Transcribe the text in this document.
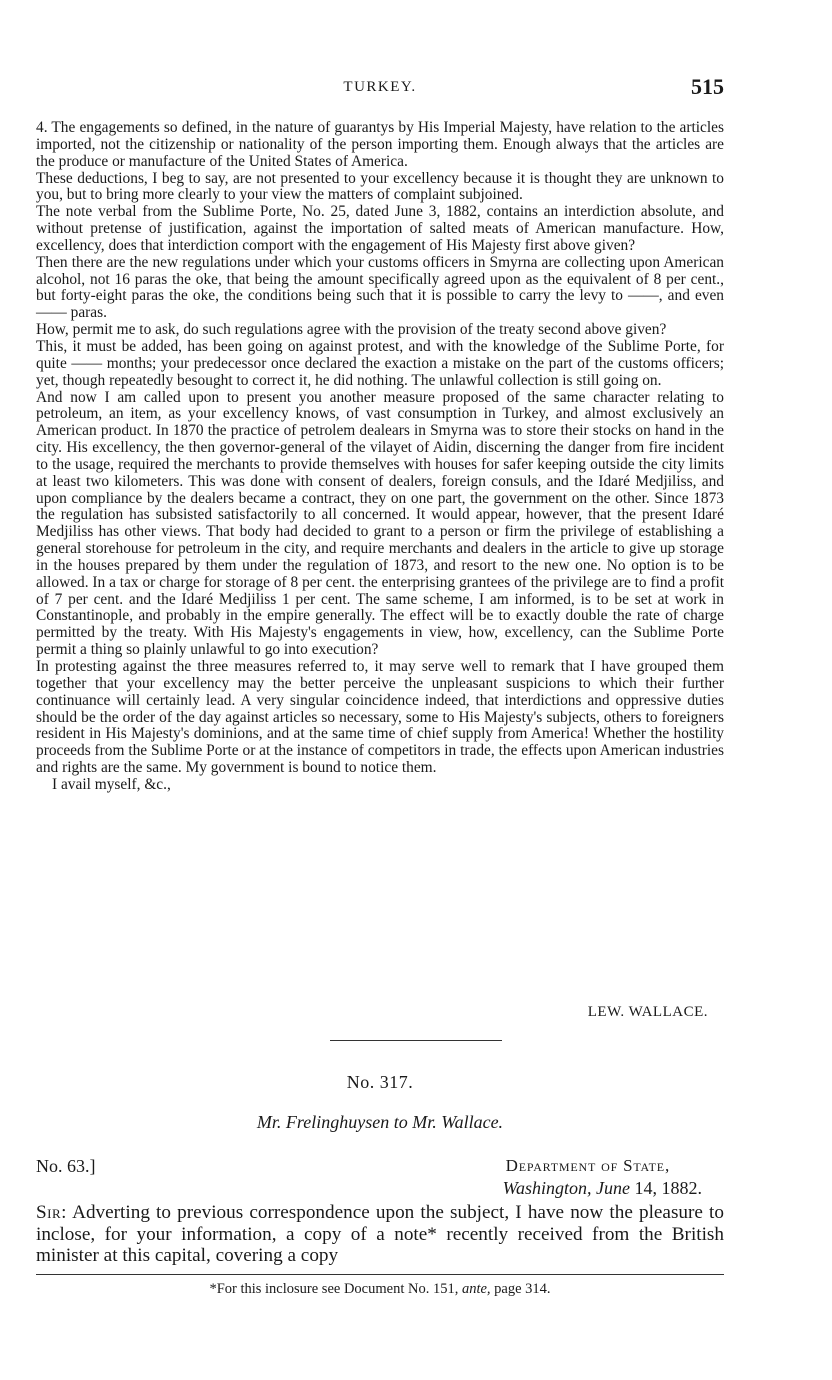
TURKEY.	515

4. The engagements so defined, in the nature of guarantys by His Imperial Majesty, have relation to the articles imported, not the citizenship or nationality of the person importing them. Enough always that the articles are the produce or manufacture of the United States of America.

These deductions, I beg to say, are not presented to your excellency because it is thought they are unknown to you, but to bring more clearly to your view the matters of complaint subjoined.

The note verbal from the Sublime Porte, No. 25, dated June 3, 1882, contains an interdiction absolute, and without pretense of justification, against the importation of salted meats of American manufacture. How, excellency, does that interdiction comport with the engagement of His Majesty first above given?

Then there are the new regulations under which your customs officers in Smyrna are collecting upon American alcohol, not 16 paras the oke, that being the amount specifically agreed upon as the equivalent of 8 per cent., but forty-eight paras the oke, the conditions being such that it is possible to carry the levy to ——, and even —— paras.

How, permit me to ask, do such regulations agree with the provision of the treaty second above given?

This, it must be added, has been going on against protest, and with the knowledge of the Sublime Porte, for quite —— months; your predecessor once declared the exaction a mistake on the part of the customs officers; yet, though repeatedly besought to correct it, he did nothing. The unlawful collection is still going on.

And now I am called upon to present you another measure proposed of the same character relating to petroleum, an item, as your excellency knows, of vast consumption in Turkey, and almost exclusively an American product. In 1870 the practice of petrolem dealears in Smyrna was to store their stocks on hand in the city. His excellency, the then governor-general of the vilayet of Aidin, discerning the danger from fire incident to the usage, required the merchants to provide themselves with houses for safer keeping outside the city limits at least two kilometers. This was done with consent of dealers, foreign consuls, and the Idaré Medjiliss, and upon compliance by the dealers became a contract, they on one part, the government on the other. Since 1873 the regulation has subsisted satisfactorily to all concerned. It would appear, however, that the present Idaré Medjiliss has other views. That body had decided to grant to a person or firm the privilege of establishing a general storehouse for petroleum in the city, and require merchants and dealers in the article to give up storage in the houses prepared by them under the regulation of 1873, and resort to the new one. No option is to be allowed. In a tax or charge for storage of 8 per cent. the enterprising grantees of the privilege are to find a profit of 7 per cent. and the Idaré Medjiliss 1 per cent. The same scheme, I am informed, is to be set at work in Constantinople, and probably in the empire generally. The effect will be to exactly double the rate of charge permitted by the treaty. With His Majesty's engagements in view, how, excellency, can the Sublime Porte permit a thing so plainly unlawful to go into execution?

In protesting against the three measures referred to, it may serve well to remark that I have grouped them together that your excellency may the better perceive the unpleasant suspicions to which their further continuance will certainly lead. A very singular coincidence indeed, that interdictions and oppressive duties should be the order of the day against articles so necessary, some to His Majesty's subjects, others to foreigners resident in His Majesty's dominions, and at the same time of chief supply from America! Whether the hostility proceeds from the Sublime Porte or at the instance of competitors in trade, the effects upon American industries and rights are the same. My government is bound to notice them.

I avail myself, &c.,

LEW. WALLACE.
No. 317.
Mr. Frelinghuysen to Mr. Wallace.
No. 63.]	Department of State,
Washington, June 14, 1882.

Sir: Adverting to previous correspondence upon the subject, I have now the pleasure to inclose, for your information, a copy of a note* recently received from the British minister at this capital, covering a copy

*For this inclosure see Document No. 151, ante, page 314.
